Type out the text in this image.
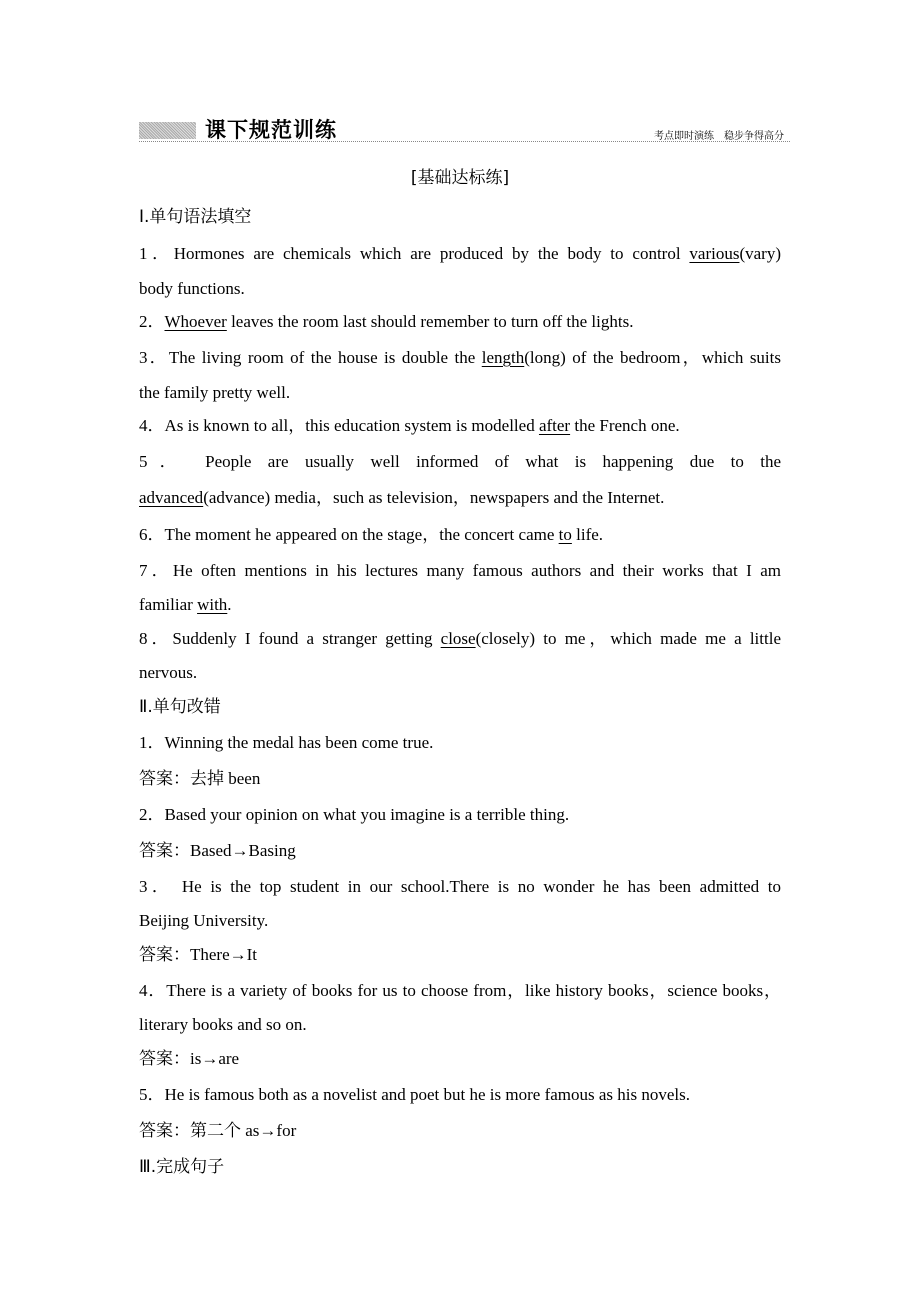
课下规范训练	考点即时演练　稳步争得高分
[基础达标练]
Ⅰ.单句语法填空
1．Hormones are chemicals which are produced by the body to control various(vary)
body functions.
2．Whoever leaves the room last should remember to turn off the lights.
3．The living room of the house is double the length(long) of the bedroom，which suits
the family pretty well.
4．As is known to all，this education system is modelled after the French one.
5． People are usually well informed of what is happening due to the
advanced(advance) media，such as television，newspapers and the Internet.
6．The moment he appeared on the stage，the concert came to life.
7．He often mentions in his lectures many famous authors and their works that I am
familiar with.
8．Suddenly I found a stranger getting close(closely) to me，which made me a little
nervous.
Ⅱ.单句改错
1．Winning the medal has been come true.
答案：去掉 been
2．Based your opinion on what you imagine is a terrible thing.
答案：Based→Basing
3． He is the top student in our school.There is no wonder he has been admitted to
Beijing University.
答案：There→It
4．There is a variety of books for us to choose from，like history books，science books，
literary books and so on.
答案：is→are
5．He is famous both as a novelist and poet but he is more famous as his novels.
答案：第二个 as→for
Ⅲ.完成句子
